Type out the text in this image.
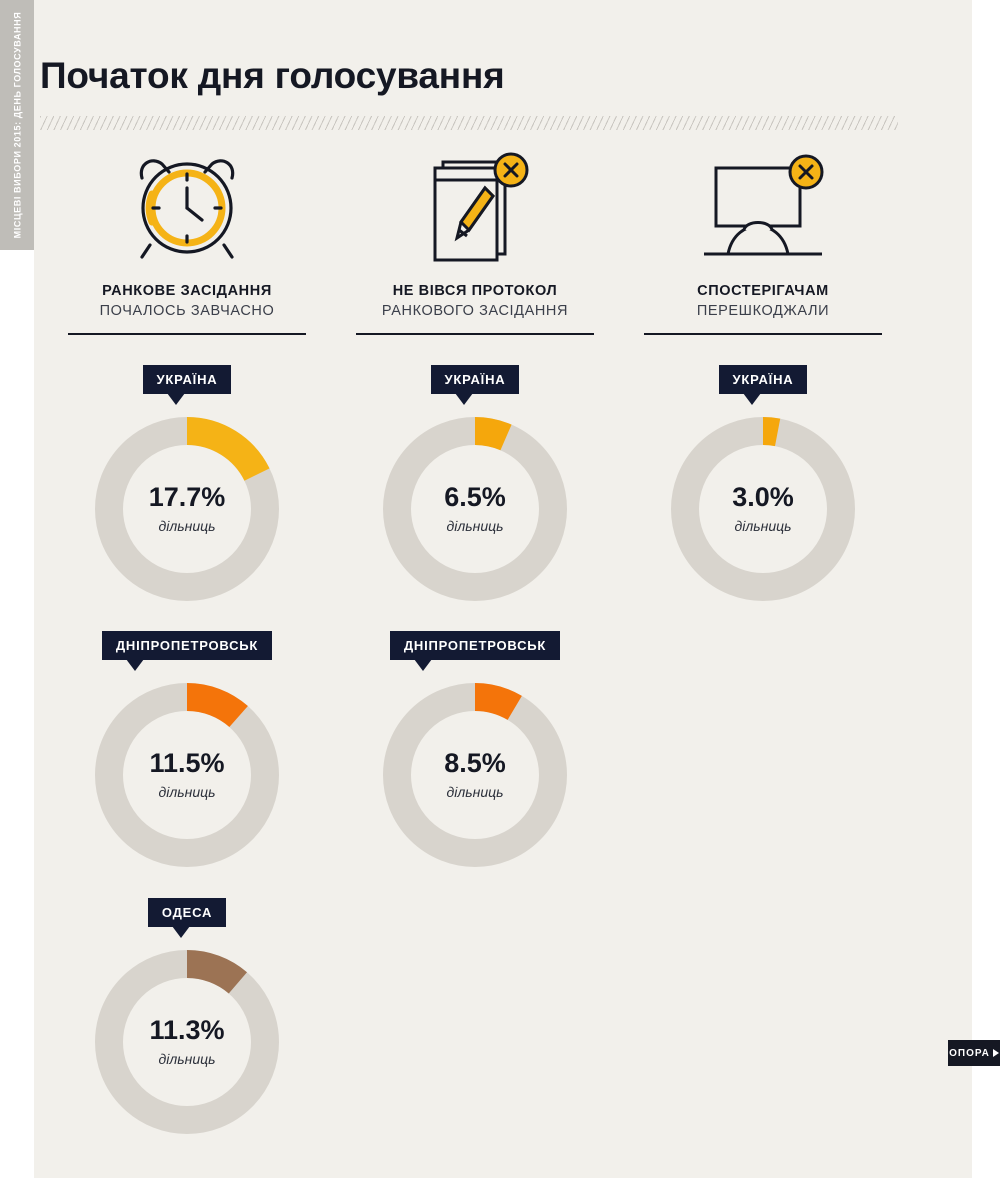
МІСЦЕВІ ВИБОРИ 2015: ДЕНЬ ГОЛОСУВАННЯ Початок дня голосування
ОПОРА
РАНКОВЕ ЗАСІДАННЯ
ПОЧАЛОСЬ ЗАВЧАСНО
УКРАЇНА
17.7%
дільниць
ДНІПРОПЕТРОВСЬК
11.5%
дільниць
ОДЕСА
11.3%
дільниць
НЕ ВІВСЯ ПРОТОКОЛ
РАНКОВОГО ЗАСІДАННЯ
УКРАЇНА
6.5%
дільниць
ДНІПРОПЕТРОВСЬК
8.5%
дільниць
СПОСТЕРІГАЧАМ
ПЕРЕШКОДЖАЛИ
УКРАЇНА
3.0%
дільниць
